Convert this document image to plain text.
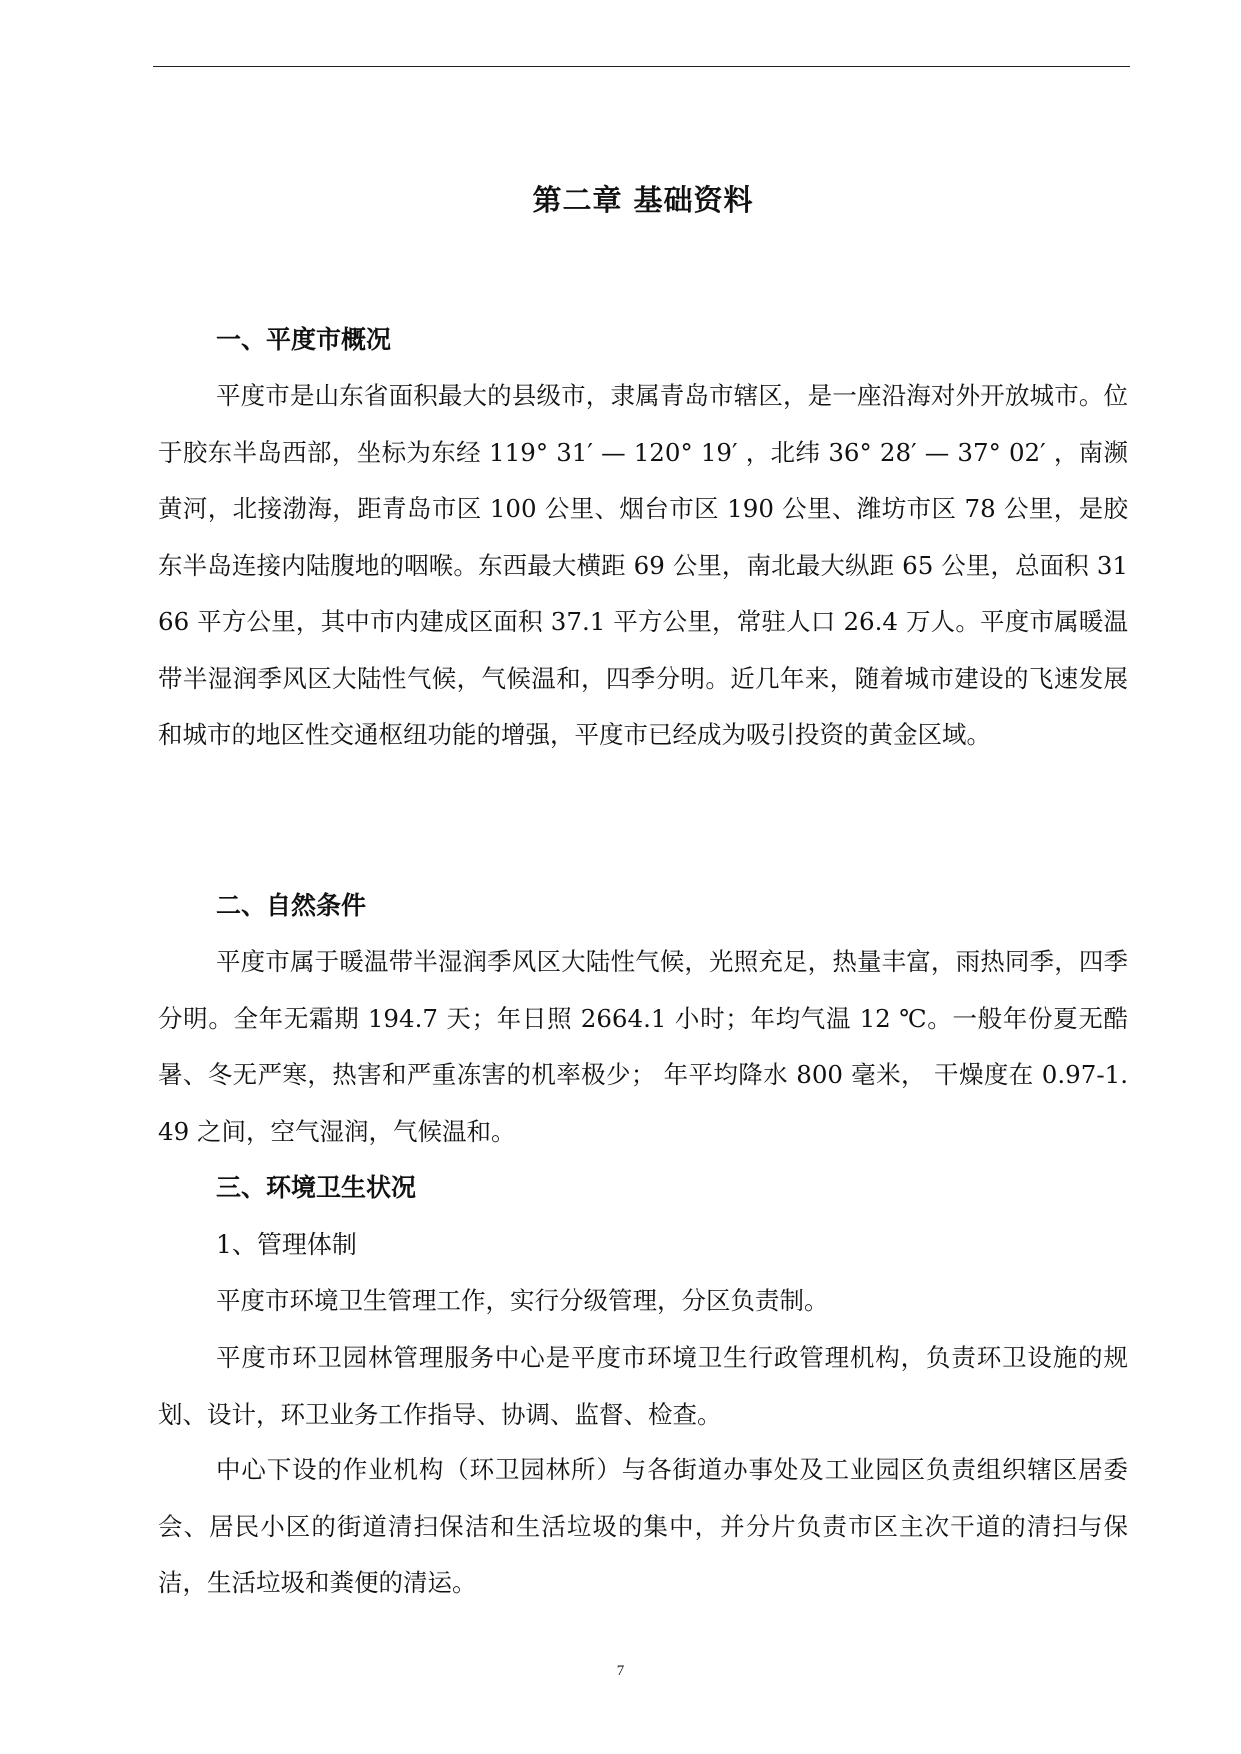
第二章 基础资料
一、平度市概况

平度市是山东省面积最大的县级市，隶属青岛市辖区，是一座沿海对外开放城市。位于胶东半岛西部，坐标为东经 119° 31′ — 120° 19′ ，北纬 36° 28′ — 37° 02′ ，南濒黄河，北接渤海，距青岛市区 100 公里、烟台市区 190 公里、潍坊市区 78 公里，是胶东半岛连接内陆腹地的咽喉。东西最大横距 69 公里，南北最大纵距 65 公里，总面积 3166 平方公里，其中市内建成区面积 37.1 平方公里，常驻人口 26.4 万人。平度市属暖温带半湿润季风区大陆性气候，气候温和，四季分明。近几年来，随着城市建设的飞速发展和城市的地区性交通枢纽功能的增强，平度市已经成为吸引投资的黄金区域。

二、自然条件

平度市属于暖温带半湿润季风区大陆性气候，光照充足，热量丰富，雨热同季，四季分明。全年无霜期 194.7 天；年日照 2664.1 小时；年均气温 12 ℃。一般年份夏无酷暑、冬无严寒，热害和严重冻害的机率极少； 年平均降水 800 毫米， 干燥度在 0.97-1.49 之间，空气湿润，气候温和。

三、环境卫生状况

1、管理体制

平度市环境卫生管理工作，实行分级管理，分区负责制。

平度市环卫园林管理服务中心是平度市环境卫生行政管理机构，负责环卫设施的规划、设计，环卫业务工作指导、协调、监督、检查。

中心下设的作业机构（环卫园林所）与各街道办事处及工业园区负责组织辖区居委会、居民小区的街道清扫保洁和生活垃圾的集中，并分片负责市区主次干道的清扫与保洁，生活垃圾和粪便的清运。

7
